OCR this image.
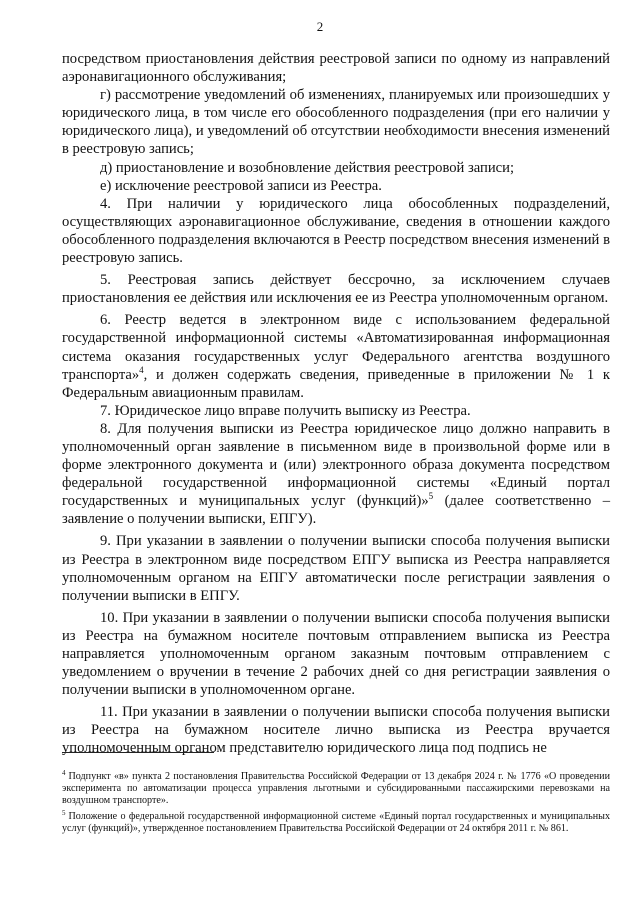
2

посредством приостановления действия реестровой записи по одному из направлений аэронавигационного обслуживания;

г) рассмотрение уведомлений об изменениях, планируемых или произошедших у юридического лица, в том числе его обособленного подразделения (при его наличии у юридического лица), и уведомлений об отсутствии необходимости внесения изменений в реестровую запись;

д) приостановление и возобновление действия реестровой записи;

е) исключение реестровой записи из Реестра.

4. При наличии у юридического лица обособленных подразделений, осуществляющих аэронавигационное обслуживание, сведения в отношении каждого обособленного подразделения включаются в Реестр посредством внесения изменений в реестровую запись.

5. Реестровая запись действует бессрочно, за исключением случаев приостановления ее действия или исключения ее из Реестра уполномоченным органом.

6. Реестр ведется в электронном виде с использованием федеральной государственной информационной системы «Автоматизированная информационная система оказания государственных услуг Федерального агентства воздушного транспорта»$^4$, и должен содержать сведения, приведенные в приложении № 1 к Федеральным авиационным правилам.

7. Юридическое лицо вправе получить выписку из Реестра.

8. Для получения выписки из Реестра юридическое лицо должно направить в уполномоченный орган заявление в письменном виде в произвольной форме или в форме электронного документа и (или) электронного образа документа посредством федеральной государственной информационной системы «Единый портал государственных и муниципальных услуг (функций)»$^5$ (далее соответственно – заявление о получении выписки, ЕПГУ).

9. При указании в заявлении о получении выписки способа получения выписки из Реестра в электронном виде посредством ЕПГУ выписка из Реестра направляется уполномоченным органом на ЕПГУ автоматически после регистрации заявления о получении выписки в ЕПГУ.

10. При указании в заявлении о получении выписки способа получения выписки из Реестра на бумажном носителе почтовым отправлением выписка из Реестра направляется уполномоченным органом заказным почтовым отправлением с уведомлением о вручении в течение 2 рабочих дней со дня регистрации заявления о получении выписки в уполномоченном органе.

11. При указании в заявлении о получении выписки способа получения выписки из Реестра на бумажном носителе лично выписка из Реестра вручается уполномоченным органом представителю юридического лица под подпись не

$^4$ Подпункт «в» пункта 2 постановления Правительства Российской Федерации от 13 декабря 2024 г. № 1776 «О проведении эксперимента по автоматизации процесса управления льготными и субсидированными пассажирскими перевозками на воздушном транспорте».

$^5$ Положение о федеральной государственной информационной системе «Единый портал государственных и муниципальных услуг (функций)», утвержденное постановлением Правительства Российской Федерации от 24 октября 2011 г. № 861.
